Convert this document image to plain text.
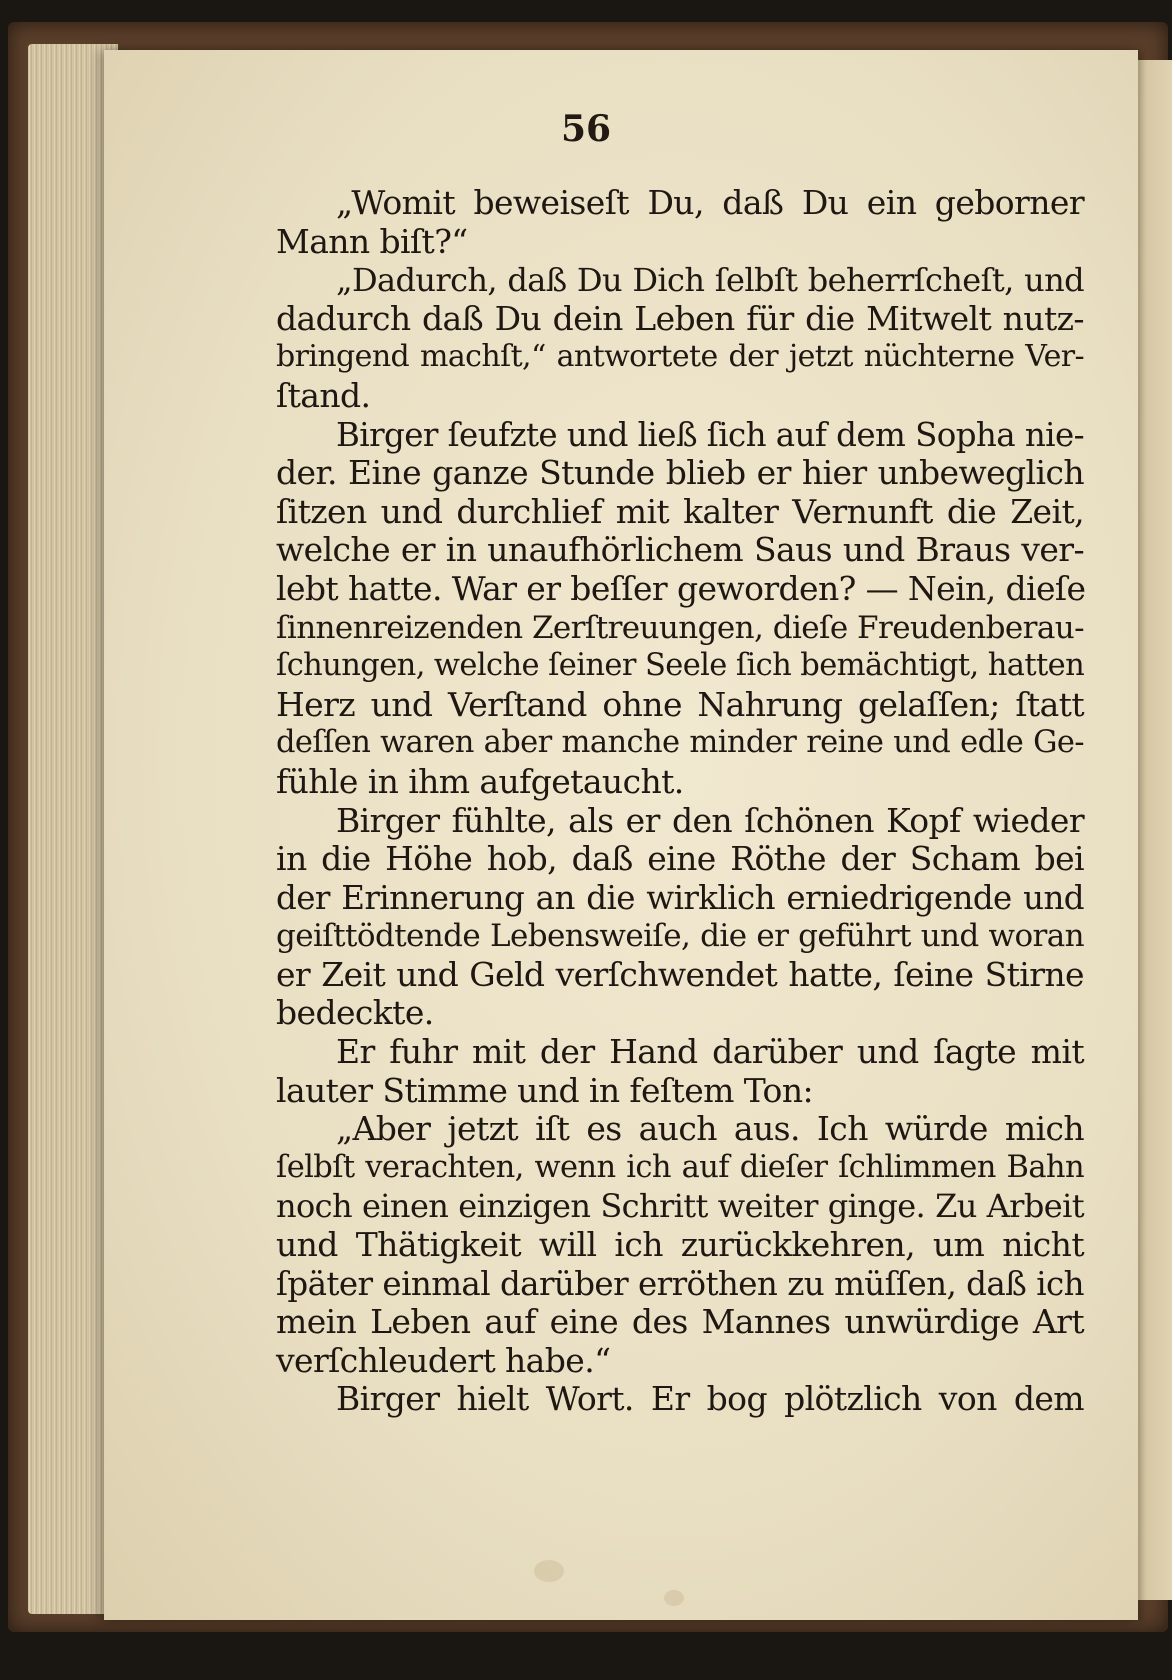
56
„Womit beweiseſt Du, daß Du ein geborner
Mann biſt?“
„Dadurch, daß Du Dich ſelbſt beherrſcheſt, und
dadurch daß Du dein Leben für die Mitwelt nutz-
bringend machſt,“ antwortete der jetzt nüchterne Ver-
ſtand.
Birger ſeufzte und ließ ſich auf dem Sopha nie-
der. Eine ganze Stunde blieb er hier unbeweglich
ſitzen und durchlief mit kalter Vernunft die Zeit,
welche er in unaufhörlichem Saus und Braus ver-
lebt hatte. War er beſſer geworden? — Nein, dieſe
ſinnenreizenden Zerſtreuungen, dieſe Freudenberau-
ſchungen, welche ſeiner Seele ſich bemächtigt, hatten
Herz und Verſtand ohne Nahrung gelaſſen; ſtatt
deſſen waren aber manche minder reine und edle Ge-
fühle in ihm aufgetaucht.
Birger fühlte, als er den ſchönen Kopf wieder
in die Höhe hob, daß eine Röthe der Scham bei
der Erinnerung an die wirklich erniedrigende und
geiſttödtende Lebensweiſe, die er geführt und woran
er Zeit und Geld verſchwendet hatte, ſeine Stirne
bedeckte.
Er fuhr mit der Hand darüber und ſagte mit
lauter Stimme und in feſtem Ton:
„Aber jetzt iſt es auch aus. Ich würde mich
ſelbſt verachten, wenn ich auf dieſer ſchlimmen Bahn
noch einen einzigen Schritt weiter ginge. Zu Arbeit
und Thätigkeit will ich zurückkehren, um nicht
ſpäter einmal darüber erröthen zu müſſen, daß ich
mein Leben auf eine des Mannes unwürdige Art
verſchleudert habe.“
Birger hielt Wort. Er bog plötzlich von dem
